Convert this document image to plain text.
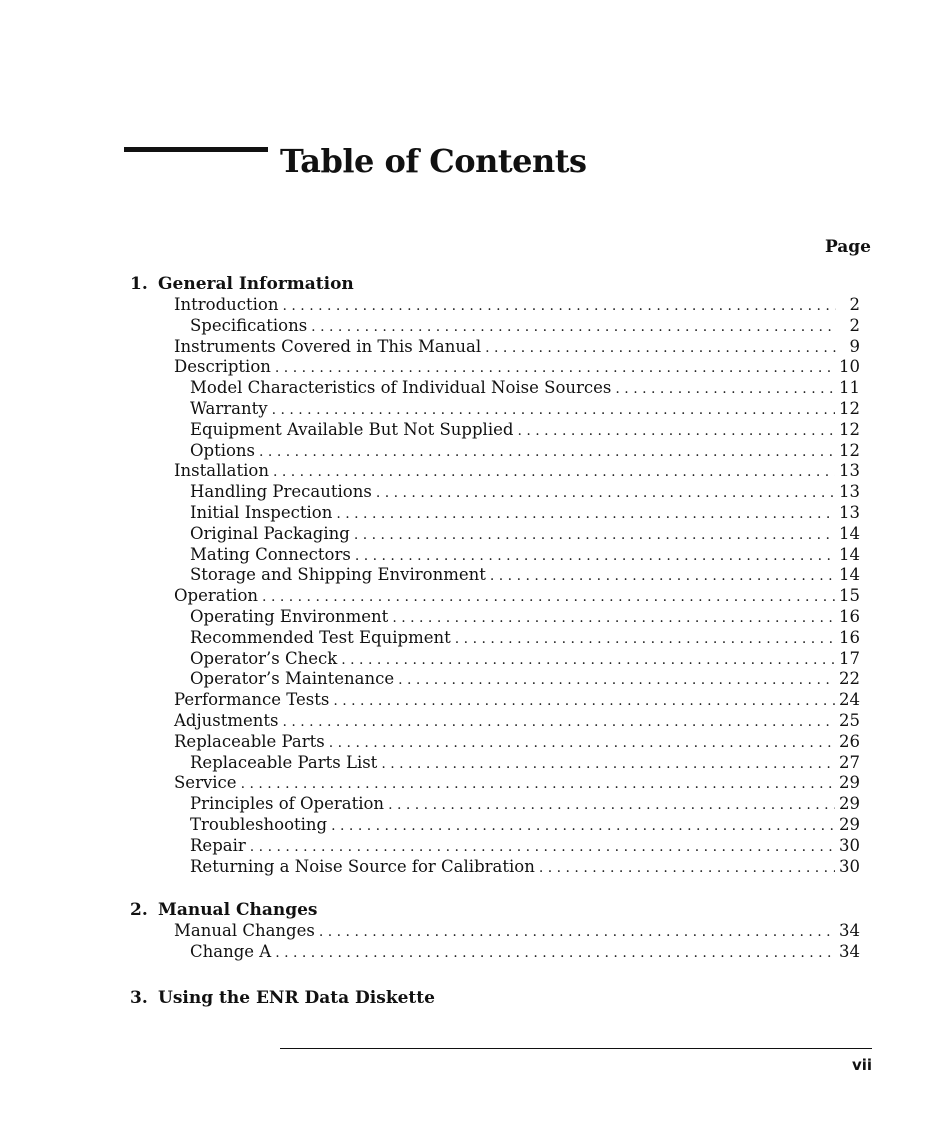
Table of Contents
Page
1. General Information
Introduction . . .	2
Specifications . . .	2
Instruments Covered in This Manual . . .	9
Description . . .	10
Model Characteristics of Individual Noise Sources . . .	11
Warranty . . .	12
Equipment Available But Not Supplied . . .	12
Options . . .	12
Installation . . .	13
Handling Precautions . . .	13
Initial Inspection . . .	13
Original Packaging . . .	14
Mating Connectors . . .	14
Storage and Shipping Environment . . .	14
Operation . . .	15
Operating Environment . . .	16
Recommended Test Equipment . . .	16
Operator’s Check . . .	17
Operator’s Maintenance . . .	22
Performance Tests . . .	24
Adjustments . . .	25
Replaceable Parts . . .	26
Replaceable Parts List . . .	27
Service . . .	29
Principles of Operation . . .	29
Troubleshooting . . .	29
Repair . . .	30
Returning a Noise Source for Calibration . . .	30
2. Manual Changes
Manual Changes . . .	34
Change A . . .	34
3. Using the ENR Data Diskette
vii
